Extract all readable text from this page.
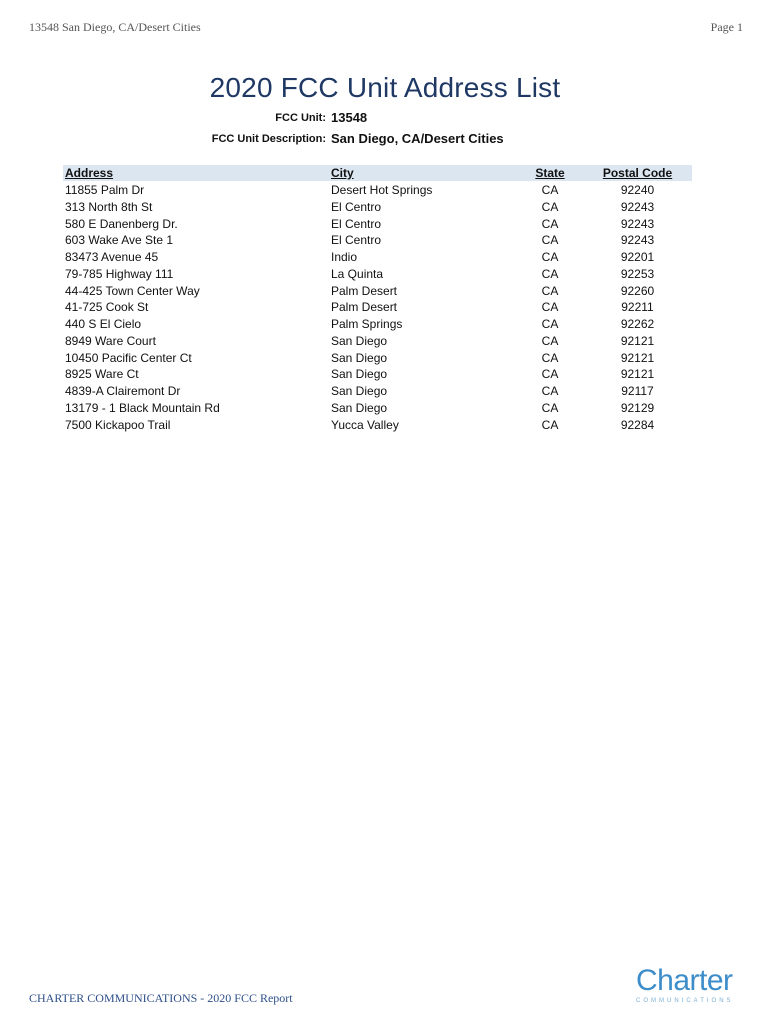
13548 San Diego, CA/Desert Cities	Page 1
2020 FCC Unit Address List
FCC Unit: 13548
FCC Unit Description: San Diego, CA/Desert Cities
Address	City	State	Postal Code
11855 Palm Dr	Desert Hot Springs	CA	92240
313 North 8th St	El Centro	CA	92243
580 E Danenberg Dr.	El Centro	CA	92243
603 Wake Ave Ste 1	El Centro	CA	92243
83473 Avenue 45	Indio	CA	92201
79-785 Highway 111	La Quinta	CA	92253
44-425 Town Center Way	Palm Desert	CA	92260
41-725 Cook St	Palm Desert	CA	92211
440 S El Cielo	Palm Springs	CA	92262
8949 Ware Court	San Diego	CA	92121
10450 Pacific Center Ct	San Diego	CA	92121
8925 Ware Ct	San Diego	CA	92121
4839-A Clairemont Dr	San Diego	CA	92117
13179 - 1 Black Mountain Rd	San Diego	CA	92129
7500 Kickapoo Trail	Yucca Valley	CA	92284
CHARTER COMMUNICATIONS - 2020 FCC Report
Charter
COMMUNICATIONS
